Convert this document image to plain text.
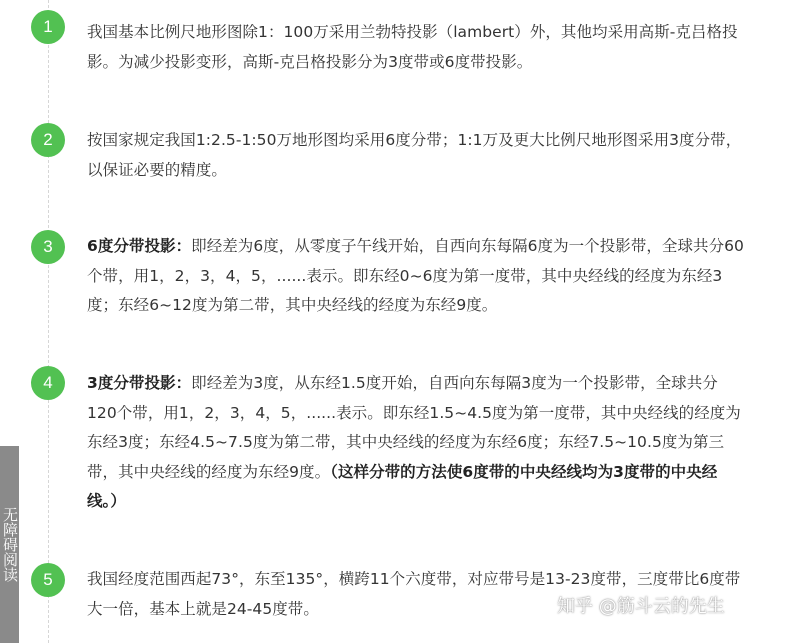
1	我国基本比例尺地形图除1：100万采用兰勃特投影（lambert）外，其他均采用高斯-克吕格投影。为减少投影变形，高斯-克吕格投影分为3度带或6度带投影。

2	按国家规定我国1:2.5-1:50万地形图均采用6度分带；1:1万及更大比例尺地形图采用3度分带，以保证必要的精度。

3	6度分带投影：即经差为6度，从零度子午线开始，自西向东每隔6度为一个投影带，全球共分60个带，用1，2，3，4，5，......表示。即东经0~6度为第一度带，其中央经线的经度为东经3度；东经6~12度为第二带，其中央经线的经度为东经9度。

4	3度分带投影：即经差为3度，从东经1.5度开始，自西向东每隔3度为一个投影带，全球共分120个带，用1，2，3，4，5，......表示。即东经1.5~4.5度为第一度带，其中央经线的经度为东经3度；东经4.5~7.5度为第二带，其中央经线的经度为东经6度；东经7.5~10.5度为第三带，其中央经线的经度为东经9度。（这样分带的方法使6度带的中央经线均为3度带的中央经线。）

5	我国经度范围西起73°，东至135°，横跨11个六度带，对应带号是13-23度带，三度带比6度带大一倍，基本上就是24-45度带。

无障碍阅读
知乎 @筋斗云的先生
